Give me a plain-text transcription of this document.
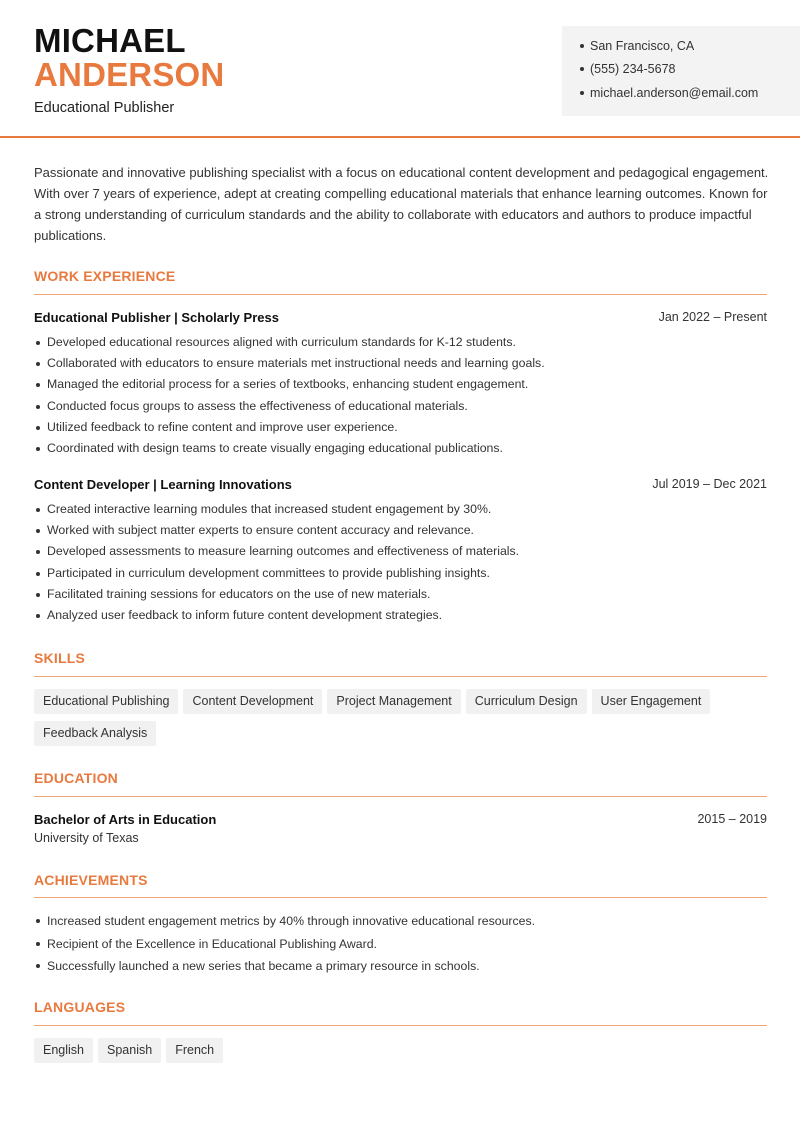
MICHAEL
ANDERSON
Educational Publisher
San Francisco, CA
(555) 234-5678
michael.anderson@email.com
Passionate and innovative publishing specialist with a focus on educational content development and pedagogical engagement. With over 7 years of experience, adept at creating compelling educational materials that enhance learning outcomes. Known for a strong understanding of curriculum standards and the ability to collaborate with educators and authors to produce impactful publications.
WORK EXPERIENCE
Educational Publisher | Scholarly Press	Jan 2022 – Present
Developed educational resources aligned with curriculum standards for K-12 students.
Collaborated with educators to ensure materials met instructional needs and learning goals.
Managed the editorial process for a series of textbooks, enhancing student engagement.
Conducted focus groups to assess the effectiveness of educational materials.
Utilized feedback to refine content and improve user experience.
Coordinated with design teams to create visually engaging educational publications.
Content Developer | Learning Innovations	Jul 2019 – Dec 2021
Created interactive learning modules that increased student engagement by 30%.
Worked with subject matter experts to ensure content accuracy and relevance.
Developed assessments to measure learning outcomes and effectiveness of materials.
Participated in curriculum development committees to provide publishing insights.
Facilitated training sessions for educators on the use of new materials.
Analyzed user feedback to inform future content development strategies.
SKILLS
Educational Publishing Content Development Project Management Curriculum Design User Engagement
Feedback Analysis
EDUCATION
Bachelor of Arts in Education	2015 – 2019
University of Texas
ACHIEVEMENTS
Increased student engagement metrics by 40% through innovative educational resources.
Recipient of the Excellence in Educational Publishing Award.
Successfully launched a new series that became a primary resource in schools.
LANGUAGES
English Spanish French
